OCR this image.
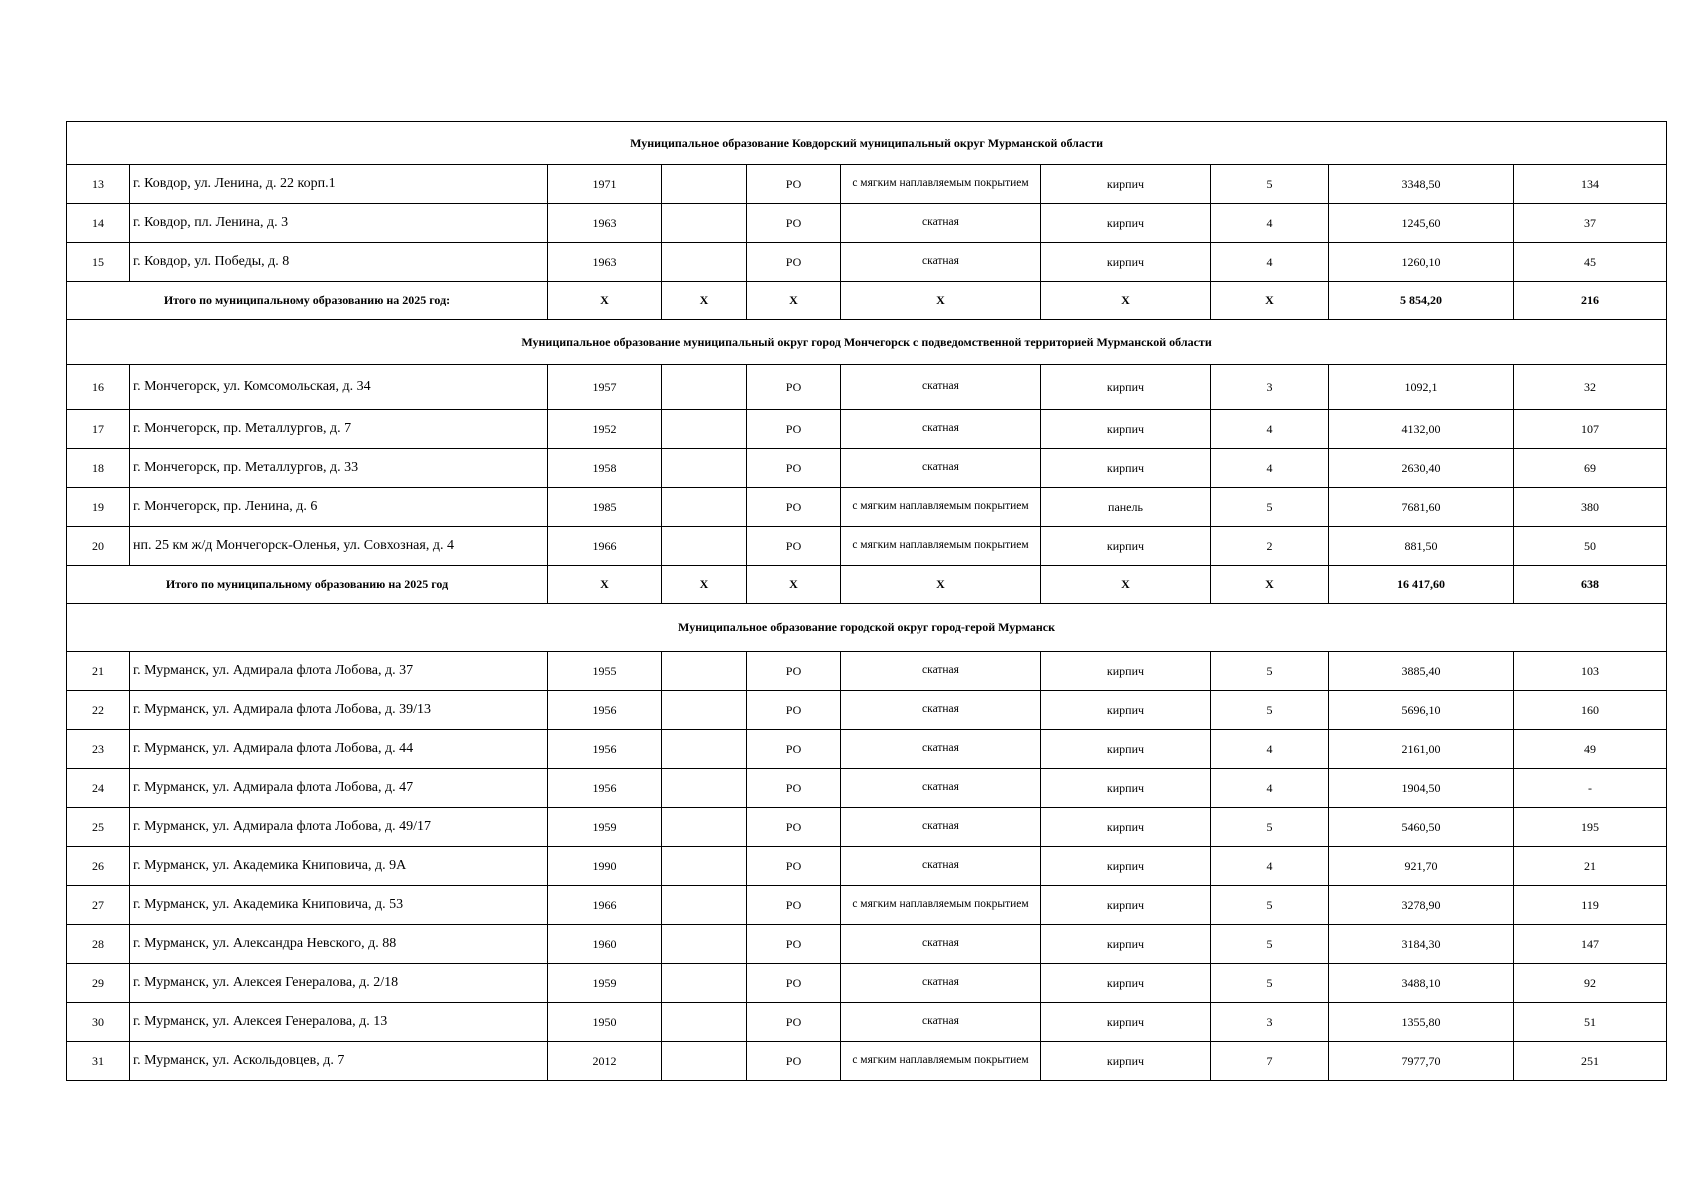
Муниципальное образование Ковдорский муниципальный округ Мурманской области									
13	г. Ковдор, ул. Ленина, д. 22 корп.1	1971		РО	с мягким наплавляемым покрытием	кирпич	5	3348,50	134
14	г. Ковдор, пл. Ленина, д. 3	1963		РО	скатная	кирпич	4	1245,60	37
15	г. Ковдор, ул. Победы, д. 8	1963		РО	скатная	кирпич	4	1260,10	45
Итого по муниципальному образованию на 2025 год:		Х	Х	Х	Х	Х	Х	5 854,20	216
Муниципальное образование муниципальный округ город Мончегорск с подведомственной территорией Мурманской области									
16	г. Мончегорск, ул. Комсомольская, д. 34	1957		РО	скатная	кирпич	3	1092,1	32
17	г. Мончегорск, пр. Металлургов, д. 7	1952		РО	скатная	кирпич	4	4132,00	107
18	г. Мончегорск, пр. Металлургов, д. 33	1958		РО	скатная	кирпич	4	2630,40	69
19	г. Мончегорск, пр. Ленина, д. 6	1985		РО	с мягким наплавляемым покрытием	панель	5	7681,60	380
20	нп. 25 км ж/д Мончегорск-Оленья, ул. Совхозная, д. 4	1966		РО	с мягким наплавляемым покрытием	кирпич	2	881,50	50
Итого по муниципальному образованию на 2025 год		Х	Х	Х	Х	Х	Х	16 417,60	638
Муниципальное образование городской округ город-герой Мурманск									
21	г. Мурманск, ул. Адмирала флота Лобова, д. 37	1955		РО	скатная	кирпич	5	3885,40	103
22	г. Мурманск, ул. Адмирала флота Лобова, д. 39/13	1956		РО	скатная	кирпич	5	5696,10	160
23	г. Мурманск, ул. Адмирала флота Лобова, д. 44	1956		РО	скатная	кирпич	4	2161,00	49
24	г. Мурманск, ул. Адмирала флота Лобова, д. 47	1956		РО	скатная	кирпич	4	1904,50	-
25	г. Мурманск, ул. Адмирала флота Лобова, д. 49/17	1959		РО	скатная	кирпич	5	5460,50	195
26	г. Мурманск, ул. Академика Книповича, д. 9А	1990		РО	скатная	кирпич	4	921,70	21
27	г. Мурманск, ул. Академика Книповича, д. 53	1966		РО	с мягким наплавляемым покрытием	кирпич	5	3278,90	119
28	г. Мурманск, ул. Александра Невского, д. 88	1960		РО	скатная	кирпич	5	3184,30	147
29	г. Мурманск, ул. Алексея Генералова, д. 2/18	1959		РО	скатная	кирпич	5	3488,10	92
30	г. Мурманск, ул. Алексея Генералова, д. 13	1950		РО	скатная	кирпич	3	1355,80	51
31	г. Мурманск, ул. Аскольдовцев, д. 7	2012		РО	с мягким наплавляемым покрытием	кирпич	7	7977,70	251
